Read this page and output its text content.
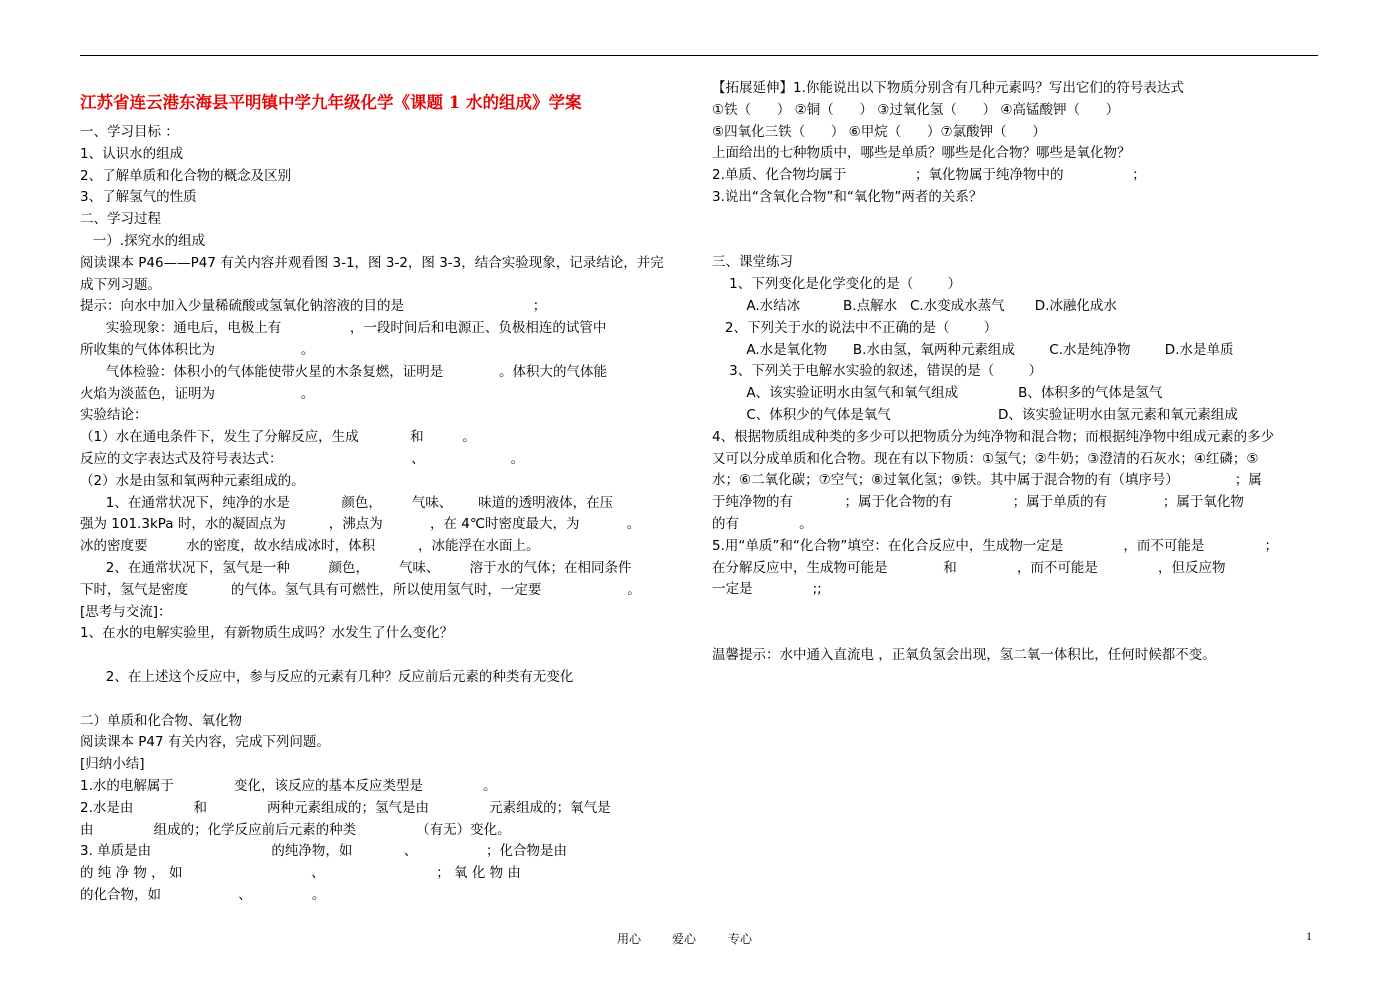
江苏省连云港东海县平明镇中学九年级化学《课题 1 水的组成》学案
一、学习目标 ：
1、认识水的组成
2、了解单质和化合物的概念及区别
3、了解氢气的性质
二、学习过程
一）.探究水的组成
阅读课本 P46——P47 有关内容并观看图 3-1，图 3-2，图 3-3，结合实验现象，记录结论，并完
成下列习题。
提示：向水中加入少量稀硫酸或氢氧化钠溶液的目的是                              ；
实验现象：通电后，电极上有                ，一段时间后和电源正、负极相连的试管中
所收集的气体体积比为                    。
气体检验：体积小的气体能使带火星的木条复燃，证明是             。体积大的气体能
火焰为淡蓝色，证明为                    。
实验结论：
（1）水在通电条件下，发生了分解反应，生成            和         。
反应的文字表达式及符号表达式：                              、                    。
（2）水是由氢和氧两种元素组成的。
1、在通常状况下，纯净的水是            颜色，       气味、      味道的透明液体，在压
强为 101.3kPa 时，水的凝固点为          ，沸点为           ，在 4℃时密度最大，为           。
冰的密度要         水的密度，故水结成冰时，体积          ，冰能浮在水面上。
2、在通常状况下，氢气是一种         颜色，       气味、       溶于水的气体；在相同条件
下时，氢气是密度          的气体。氢气具有可燃性，所以使用氢气时，一定要                    。
[思考与交流]：
1、在水的电解实验里，有新物质生成吗？水发生了什么变化？
2、在上述这个反应中，参与反应的元素有几种？反应前后元素的种类有无变化
二）单质和化合物、氧化物
阅读课本 P47 有关内容，完成下列问题。
[归纳小结]
1.水的电解属于              变化，该反应的基本反应类型是              。
2.水是由              和              两种元素组成的；氢气是由              元素组成的；氧气是
由              组成的；化学反应前后元素的种类              （有无）变化。
3. 单质是由                            的纯净物，如            、                ；化合物是由
的 纯 净 物 ， 如                              、                          ； 氧 化 物 由
的化合物，如                  、              。
【拓展延伸】1.你能说出以下物质分别含有几种元素吗？写出它们的符号表达式
①铁（      ） ②铜（      ） ③过氧化氢（      ） ④高锰酸钾（      ）
⑤四氧化三铁（      ） ⑥甲烷（      ）⑦氯酸钾（      ）
上面给出的七种物质中，哪些是单质？哪些是化合物？哪些是氧化物？
2.单质、化合物均属于                ；氧化物属于纯净物中的                ；
3.说出“含氧化合物”和“氧化物”两者的关系？
三、课堂练习
1、下列变化是化学变化的是（        ）
A.水结冰          B.点解水   C.水变成水蒸气       D.冰融化成水
2、下列关于水的说法中不正确的是（        ）
A.水是氧化物      B.水由氢，氧两种元素组成        C.水是纯净物        D.水是单质
3、下列关于电解水实验的叙述，错误的是（        ）
A、该实验证明水由氢气和氧气组成              B、体积多的气体是氢气
C、体积少的气体是氧气                         D、该实验证明水由氢元素和氧元素组成
4、根据物质组成种类的多少可以把物质分为纯净物和混合物；而根据纯净物中组成元素的多少
又可以分成单质和化合物。现在有以下物质：①氢气；②牛奶；③澄清的石灰水；④红磷；⑤
水；⑥二氧化碳；⑦空气；⑧过氧化氢；⑨铁。其中属于混合物的有（填序号）             ；属
于纯净物的有            ；属于化合物的有              ；属于单质的有             ；属于氧化物
的有              。
5.用“单质”和“化合物”填空：在化合反应中，生成物一定是              ，而不可能是              ；
在分解反应中，生成物可能是             和              ，而不可能是              ，但反应物
一定是              ;;
温馨提示：水中通入直流电 ，正氧负氢会出现，氢二氧一体积比，任何时候都不变。
用心	爱心	专心	1
